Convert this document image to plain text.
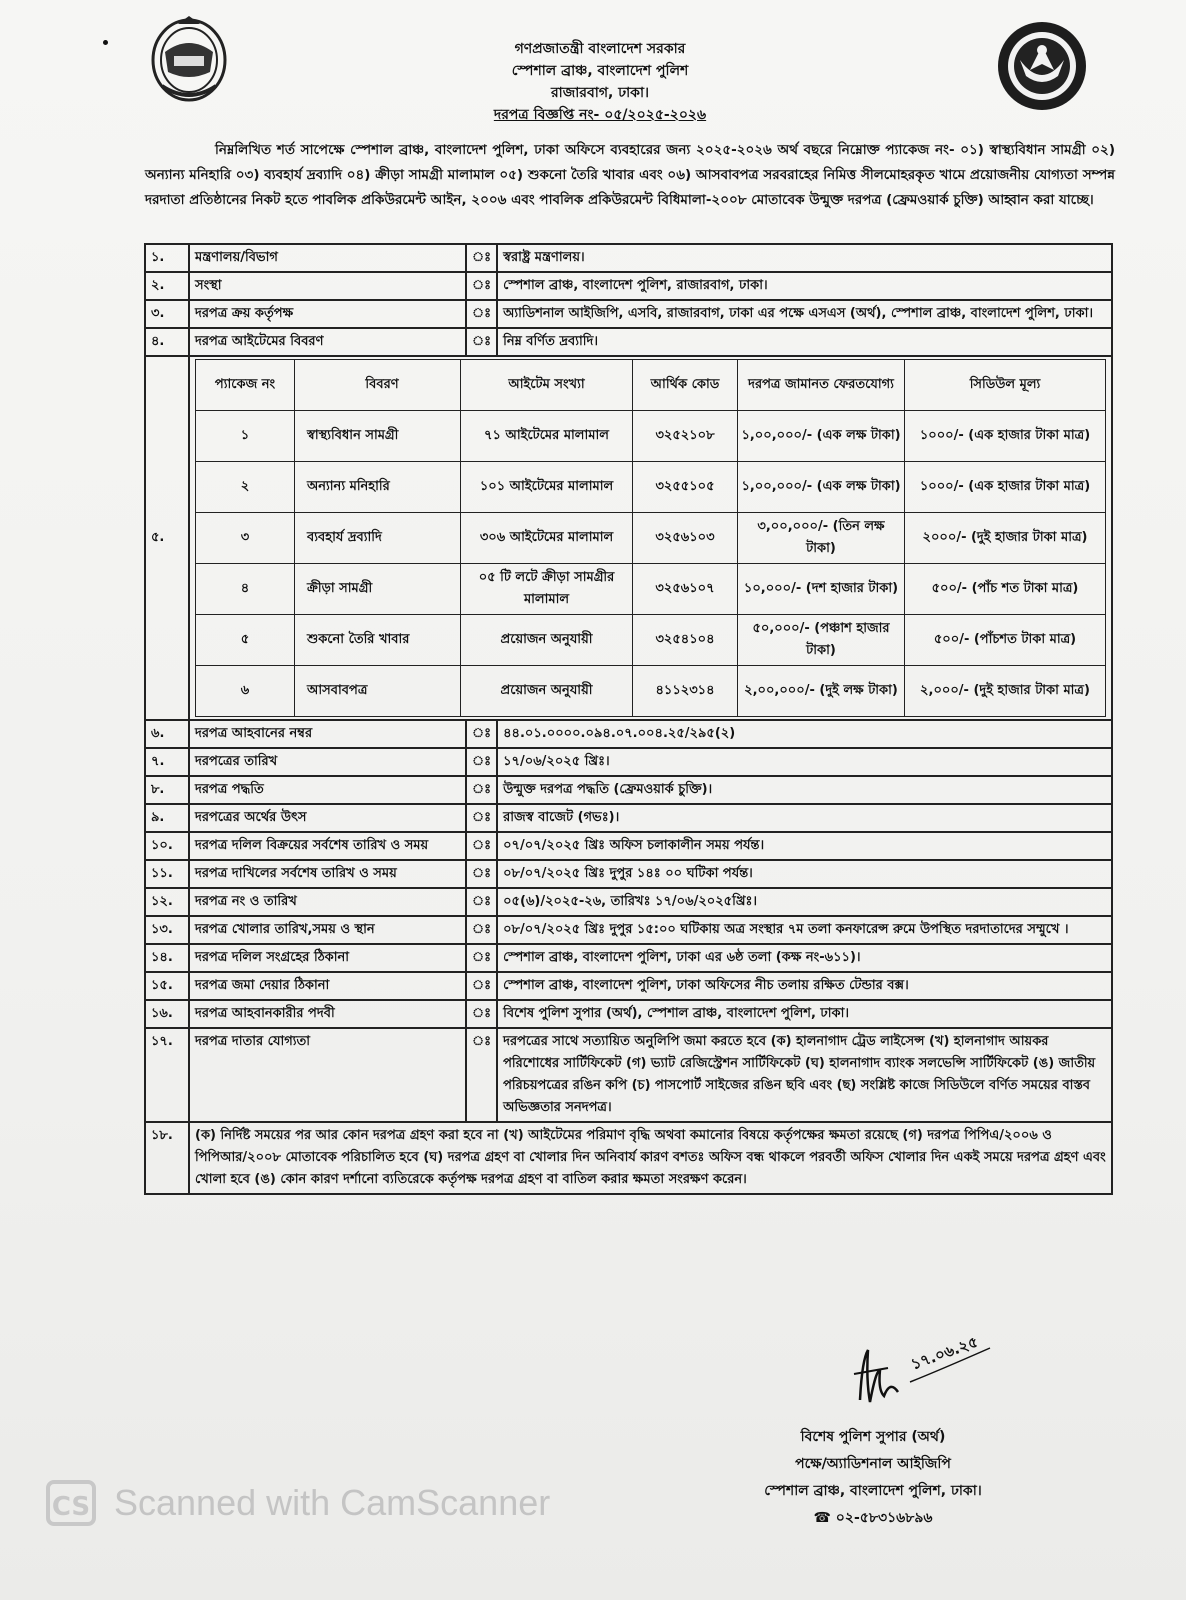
গণপ্রজাতন্ত্রী বাংলাদেশ সরকার
স্পেশাল ব্রাঞ্চ, বাংলাদেশ পুলিশ
রাজারবাগ, ঢাকা।
দরপত্র বিজ্ঞপ্তি নং- ০৫/২০২৫-২০২৬
নিম্নলিখিত শর্ত সাপেক্ষে স্পেশাল ব্রাঞ্চ, বাংলাদেশ পুলিশ, ঢাকা অফিসে ব্যবহারের জন্য ২০২৫-২০২৬ অর্থ বছরে নিম্নোক্ত প্যাকেজ নং- ০১) স্বাস্থ্যবিধান সামগ্রী ০২) অন্যান্য মনিহারি ০৩) ব্যবহার্য দ্রব্যাদি ০৪) ক্রীড়া সামগ্রী মালামাল ০৫) শুকনো তৈরি খাবার এবং ০৬) আসবাবপত্র সরবরাহের নিমিত্ত সীলমোহরকৃত খামে প্রয়োজনীয় যোগ্যতা সম্পন্ন দরদাতা প্রতিষ্ঠানের নিকট হতে পাবলিক প্রকিউরমেন্ট আইন, ২০০৬ এবং পাবলিক প্রকিউরমেন্ট বিধিমালা-২০০৮ মোতাবেক উন্মুক্ত দরপত্র (ফ্রেমওয়ার্ক চুক্তি) আহ্বান করা যাচ্ছে।
১.	মন্ত্রণালয়/বিভাগ	ঃ	স্বরাষ্ট্র মন্ত্রণালয়।
২.	সংস্থা	ঃ	স্পেশাল ব্রাঞ্চ, বাংলাদেশ পুলিশ, রাজারবাগ, ঢাকা।
৩.	দরপত্র ক্রয় কর্তৃপক্ষ	ঃ	অ্যাডিশনাল আইজিপি, এসবি, রাজারবাগ, ঢাকা এর পক্ষে এসএস (অর্থ), স্পেশাল ব্রাঞ্চ, বাংলাদেশ পুলিশ, ঢাকা।
৪.	দরপত্র আইটেমের বিবরণ	ঃ	নিম্ন বর্ণিত দ্রব্যাদি।
৫.	
প্যাকেজ নং	বিবরণ	আইটেম সংখ্যা	আর্থিক কোড	দরপত্র জামানত ফেরতযোগ্য	সিডিউল মূল্য
১	স্বাস্থ্যবিধান সামগ্রী	৭১ আইটেমের মালামাল	৩২৫২১০৮	১,০০,০০০/- (এক লক্ষ টাকা)	১০০০/- (এক হাজার টাকা মাত্র)
২	অন্যান্য মনিহারি	১০১ আইটেমের মালামাল	৩২৫৫১০৫	১,০০,০০০/- (এক লক্ষ টাকা)	১০০০/- (এক হাজার টাকা মাত্র)
৩	ব্যবহার্য দ্রব্যাদি	৩০৬ আইটেমের মালামাল	৩২৫৬১০৩	৩,০০,০০০/- (তিন লক্ষ টাকা)	২০০০/- (দুই হাজার টাকা মাত্র)
৪	ক্রীড়া সামগ্রী	০৫ টি লটে ক্রীড়া সামগ্রীর মালামাল	৩২৫৬১০৭	১০,০০০/- (দশ হাজার টাকা)	৫০০/- (পাঁচ শত টাকা মাত্র)
৫	শুকনো তৈরি খাবার	প্রয়োজন অনুযায়ী	৩২৫৪১০৪	৫০,০০০/- (পঞ্চাশ হাজার টাকা)	৫০০/- (পাঁচশত টাকা মাত্র)
৬	আসবাবপত্র	প্রয়োজন অনুযায়ী	৪১১২৩১৪	২,০০,০০০/- (দুই লক্ষ টাকা)	২,০০০/- (দুই হাজার টাকা মাত্র)

৬.	দরপত্র আহবানের নম্বর	ঃ	৪৪.০১.০০০০.০৯৪.০৭.০০৪.২৫/২৯৫(২)
৭.	দরপত্রের তারিখ	ঃ	১৭/০৬/২০২৫ খ্রিঃ।
৮.	দরপত্র পদ্ধতি	ঃ	উন্মুক্ত দরপত্র পদ্ধতি (ফ্রেমওয়ার্ক চুক্তি)।
৯.	দরপত্রের অর্থের উৎস	ঃ	রাজস্ব বাজেট (গভঃ)।
১০.	দরপত্র দলিল বিক্রয়ের সর্বশেষ তারিখ ও সময়	ঃ	০৭/০৭/২০২৫ খ্রিঃ অফিস চলাকালীন সময় পর্যন্ত।
১১.	দরপত্র দাখিলের সর্বশেষ তারিখ ও সময়	ঃ	০৮/০৭/২০২৫ খ্রিঃ দুপুর ১৪ঃ ০০ ঘটিকা পর্যন্ত।
১২.	দরপত্র নং ও তারিখ	ঃ	০৫(৬)/২০২৫-২৬, তারিখঃ ১৭/০৬/২০২৫খ্রিঃ।
১৩.	দরপত্র খোলার তারিখ,সময় ও স্থান	ঃ	০৮/০৭/২০২৫ খ্রিঃ দুপুর ১৫:০০ ঘটিকায় অত্র সংস্থার ৭ম তলা কনফারেন্স রুমে উপস্থিত দরদাতাদের সম্মুখে ।
১৪.	দরপত্র দলিল সংগ্রহের ঠিকানা	ঃ	স্পেশাল ব্রাঞ্চ, বাংলাদেশ পুলিশ, ঢাকা এর ৬ষ্ঠ তলা (কক্ষ নং-৬১১)।
১৫.	দরপত্র জমা দেয়ার ঠিকানা	ঃ	স্পেশাল ব্রাঞ্চ, বাংলাদেশ পুলিশ, ঢাকা অফিসের নীচ তলায় রক্ষিত টেন্ডার বক্স।
১৬.	দরপত্র আহবানকারীর পদবী	ঃ	বিশেষ পুলিশ সুপার (অর্থ), স্পেশাল ব্রাঞ্চ, বাংলাদেশ পুলিশ, ঢাকা।
১৭.	দরপত্র দাতার যোগ্যতা	ঃ	দরপত্রের সাথে সত্যায়িত অনুলিপি জমা করতে হবে (ক) হালনাগাদ ট্রেড লাইসেন্স (খ) হালনাগাদ আয়কর পরিশোধের সার্টিফিকেট (গ) ভ্যাট রেজিস্ট্রেশন সার্টিফিকেট (ঘ) হালনাগাদ ব্যাংক সলভেন্সি সার্টিফিকেট (ঙ) জাতীয় পরিচয়পত্রের রঙিন কপি (চ) পাসপোর্ট সাইজের রঙিন ছবি এবং (ছ) সংশ্লিষ্ট কাজে সিডিউলে বর্ণিত সময়ের বাস্তব অভিজ্ঞতার সনদপত্র।
১৮.	(ক) নির্দিষ্ট সময়ের পর আর কোন দরপত্র গ্রহণ করা হবে না (খ) আইটেমের পরিমাণ বৃদ্ধি অথবা কমানোর বিষয়ে কর্তৃপক্ষের ক্ষমতা রয়েছে (গ) দরপত্র পিপিএ/২০০৬ ও পিপিআর/২০০৮ মোতাবেক পরিচালিত হবে (ঘ) দরপত্র গ্রহণ বা খোলার দিন অনিবার্য কারণ বশতঃ অফিস বন্ধ থাকলে পরবর্তী অফিস খোলার দিন একই সময়ে দরপত্র গ্রহণ এবং খোলা হবে (ঙ) কোন কারণ দর্শানো ব্যতিরেকে কর্তৃপক্ষ দরপত্র গ্রহণ বা বাতিল করার ক্ষমতা সংরক্ষণ করেন।
১৭.০৬.২৫
বিশেষ পুলিশ সুপার (অর্থ)
পক্ষে/অ্যাডিশনাল আইজিপি
স্পেশাল ব্রাঞ্চ, বাংলাদেশ পুলিশ, ঢাকা।
☎ ০২-৫৮৩১৬৮৯৬
CS Scanned with CamScanner
